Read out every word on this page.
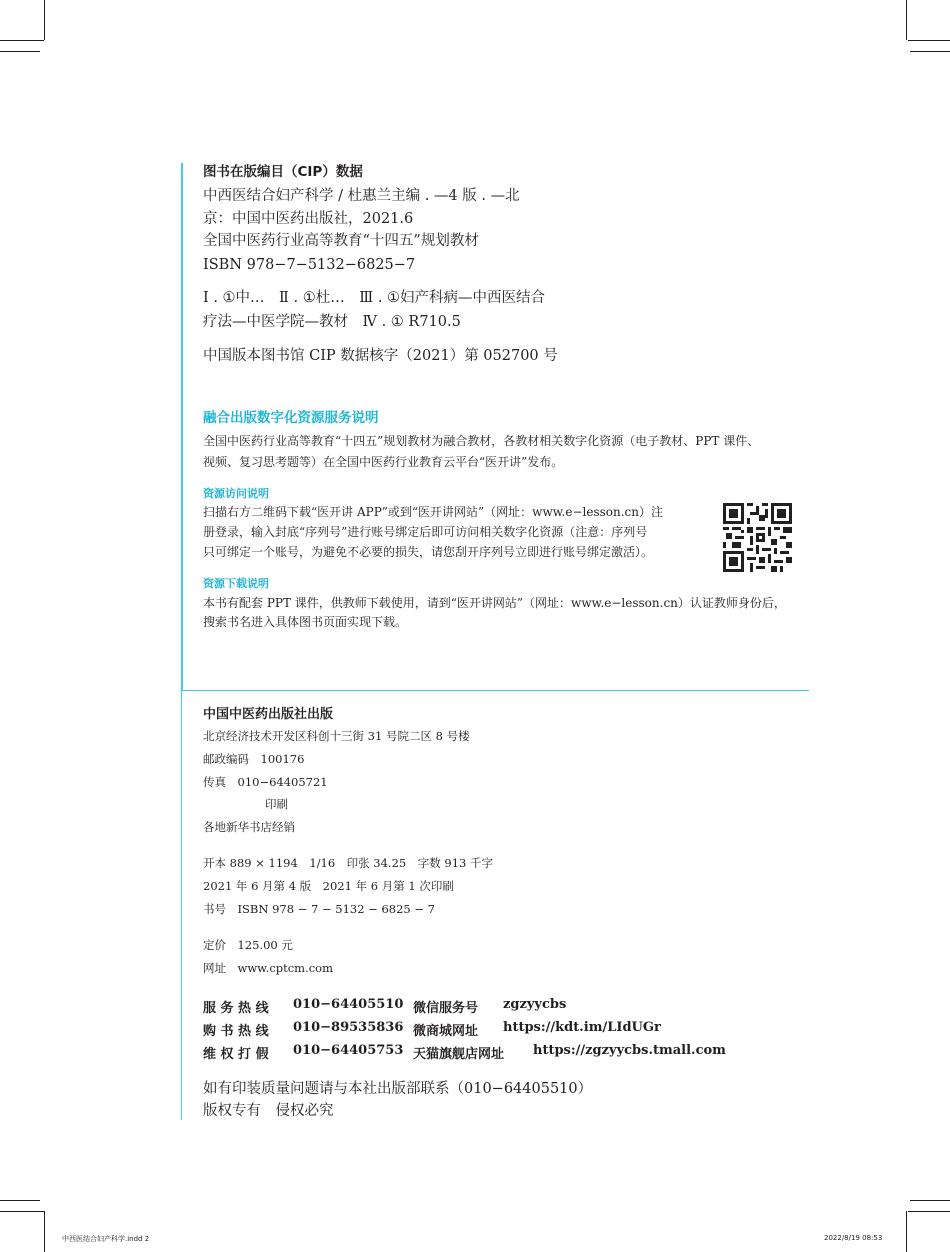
图书在版编目（CIP）数据
中西医结合妇产科学 / 杜惠兰主编 . —4 版 . —北
京：中国中医药出版社，2021.6
全国中医药行业高等教育“十四五”规划教材
ISBN 978−7−5132−6825−7
Ⅰ . ①中…　Ⅱ . ①杜…　Ⅲ . ①妇产科病—中西医结合
疗法—中医学院—教材　Ⅳ . ① R710.5
中国版本图书馆 CIP 数据核字（2021）第 052700 号
融合出版数字化资源服务说明
全国中医药行业高等教育“十四五”规划教材为融合教材，各教材相关数字化资源（电子教材、PPT 课件、
视频、复习思考题等）在全国中医药行业教育云平台“医开讲”发布。
资源访问说明
扫描右方二维码下载“医开讲 APP”或到“医开讲网站”（网址：www.e−lesson.cn）注
册登录，输入封底“序列号”进行账号绑定后即可访问相关数字化资源（注意：序列号
只可绑定一个账号，为避免不必要的损失，请您刮开序列号立即进行账号绑定激活）。
资源下载说明
本书有配套 PPT 课件，供教师下载使用，请到“医开讲网站”（网址：www.e−lesson.cn）认证教师身份后，
搜索书名进入具体图书页面实现下载。
中国中医药出版社出版
北京经济技术开发区科创十三街 31 号院二区 8 号楼
邮政编码　100176
传真　010−64405721
印刷
各地新华书店经销
开本 889 × 1194　1/16　印张 34.25　字数 913 千字
2021 年 6 月第 4 版　2021 年 6 月第 1 次印刷
书号　ISBN 978 − 7 − 5132 − 6825 − 7
定价　125.00 元
网址　www.cptcm.com
服 务 热 线 010−64405510 微信服务号 zgzyycbs
购 书 热 线 010−89535836 微商城网址 https://kdt.im/LIdUGr
维 权 打 假 010−64405753 天猫旗舰店网址 https://zgzyycbs.tmall.com
如有印装质量问题请与本社出版部联系（010−64405510）
版权专有　侵权必究
中西医结合妇产科学.indd 2	2022/8/19 08:53
